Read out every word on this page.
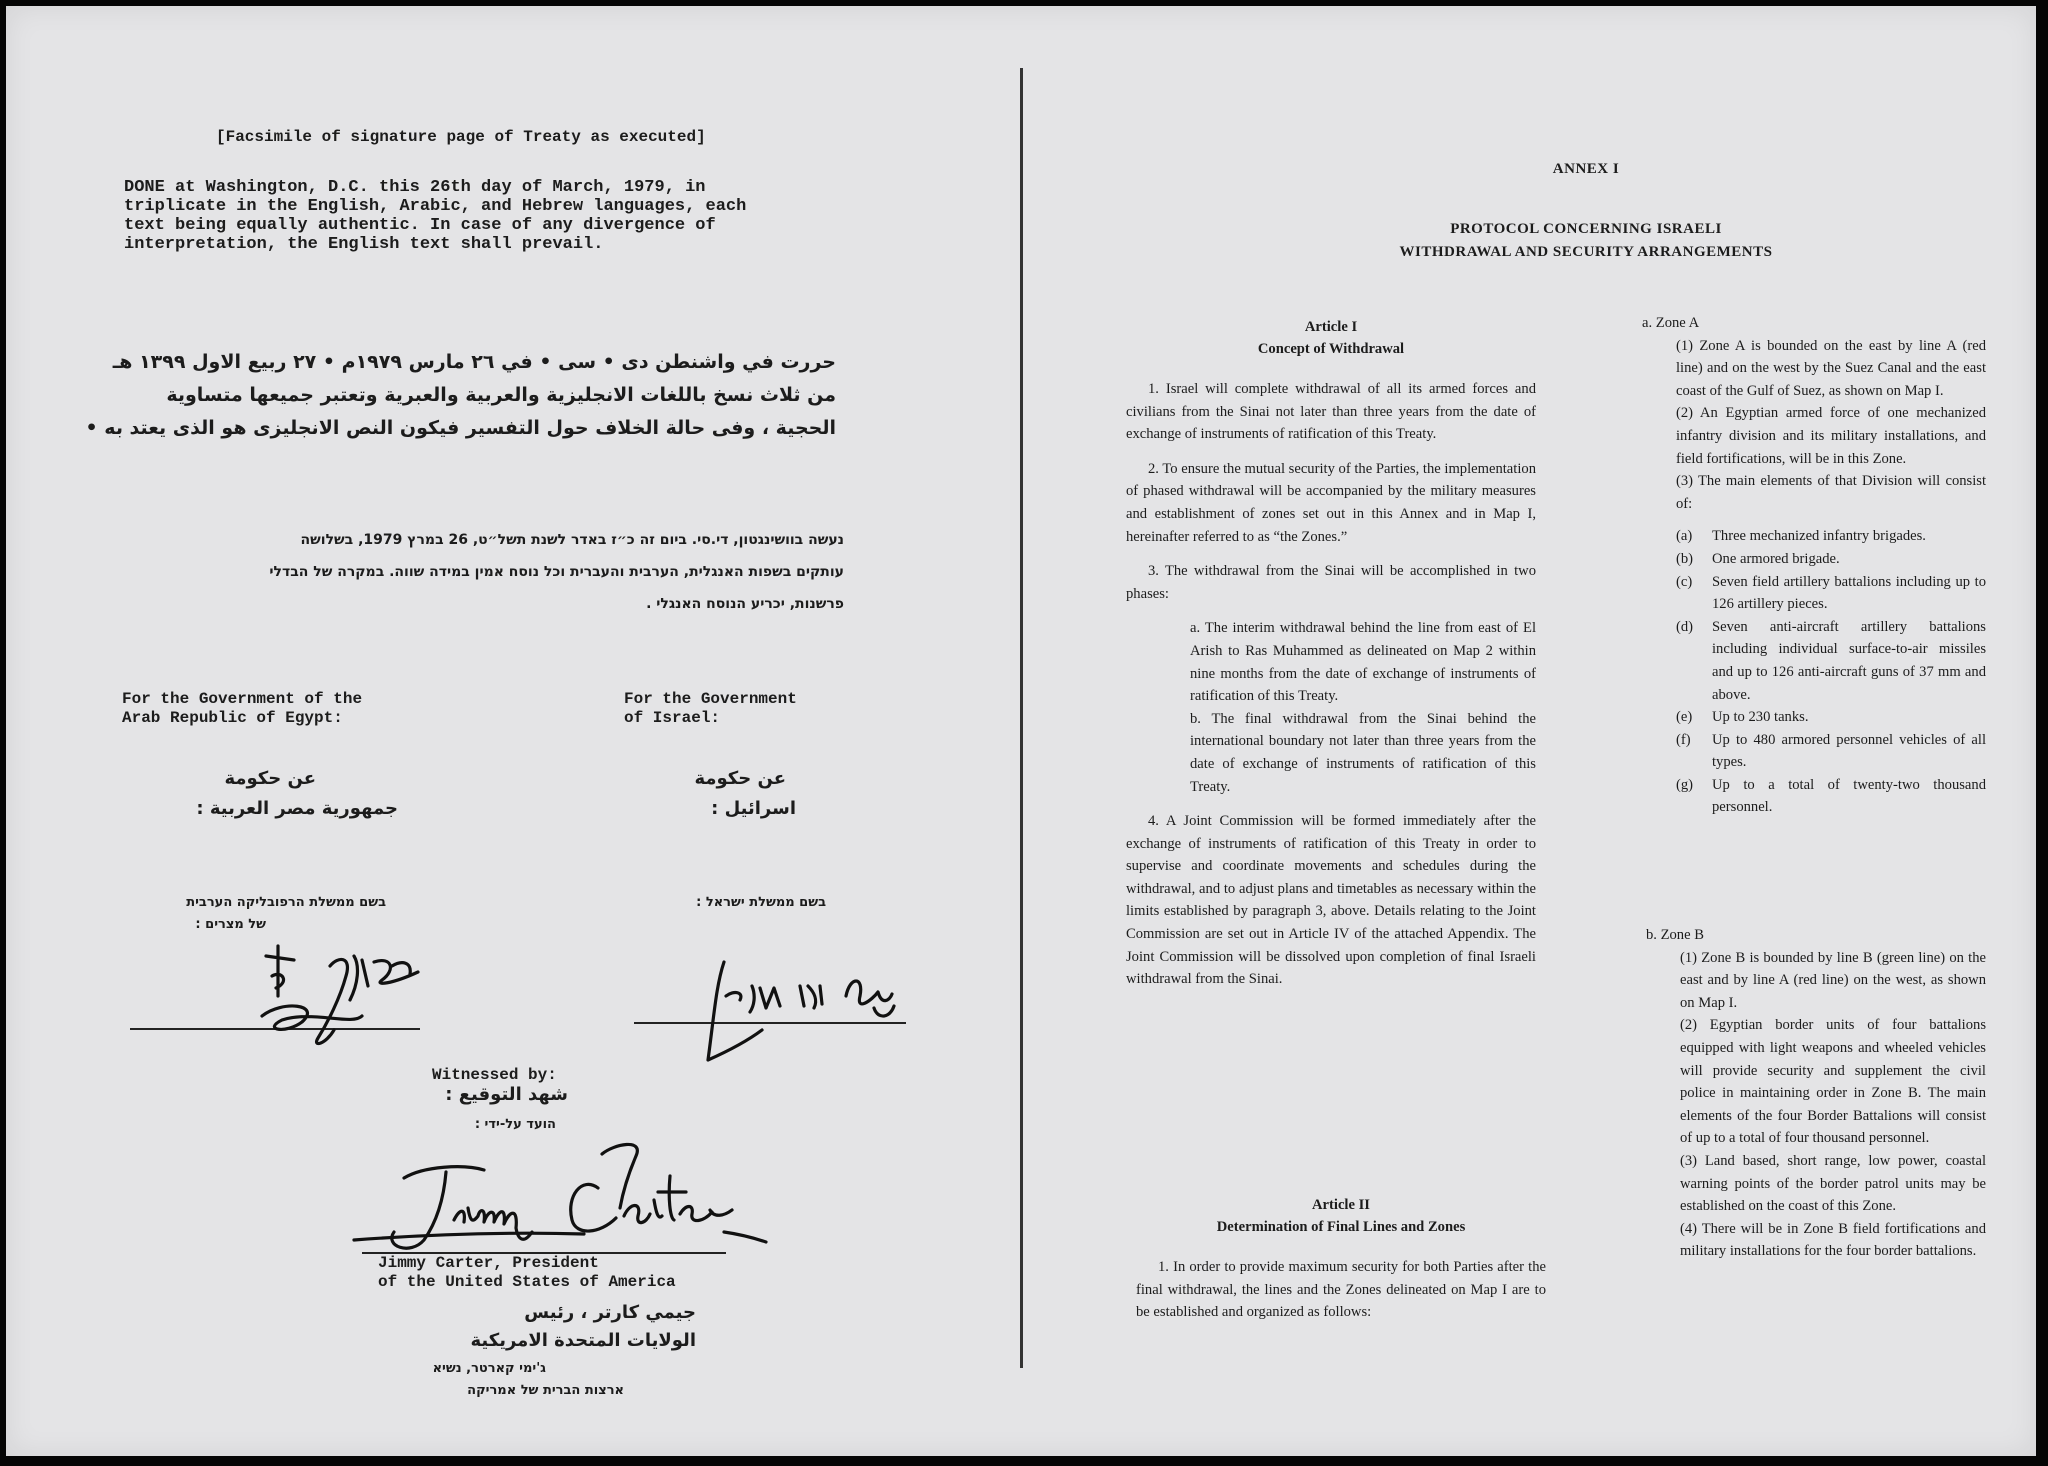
[Facsimile of signature page of Treaty as executed]
DONE at Washington, D.C. this 26th day of March, 1979, in
triplicate in the English, Arabic, and Hebrew languages, each
text being equally authentic. In case of any divergence of
interpretation, the English text shall prevail.
حررت في واشنطن دى • سى • في ٢٦ مارس ١٩٧٩م • ٢٧ ربيع الاول ١٣٩٩ هـ
من ثلاث نسخ باللغات الانجليزية والعربية والعبرية وتعتبر جميعها متساوية
الحجية ، وفى حالة الخلاف حول التفسير فيكون النص الانجليزى هو الذى يعتد به •
נעשה בוושינגטון, די.סי. ביום זה כ״ז באדר לשנת תשל״ט, 26 במרץ 1979, בשלושה
עותקים בשפות האנגלית, הערבית והעברית וכל נוסח אמין במידה שווה. במקרה של הבדלי
פרשנות, יכריע הנוסח האנגלי .
For the Government of the
Arab Republic of Egypt:
عن حكومة
جمهورية مصر العربية :
בשם ממשלת הרפובליקה הערבית
של מצרים :
For the Government
of Israel:
عن حكومة
اسرائيل :
בשם ממשלת ישראל :
Witnessed by:
شهد التوقيع :
הועד על-ידי :
Jimmy Carter, President
of the United States of America
جيمي كارتر ، رئيس
الولايات المتحدة الامريكية
ג'ימי קארטר, נשיא
ארצות הברית של אמריקה
ANNEX I
PROTOCOL CONCERNING ISRAELI
WITHDRAWAL AND SECURITY ARRANGEMENTS
Article I
Concept of Withdrawal

1. Israel will complete withdrawal of all its armed forces and civilians from the Sinai not later than three years from the date of exchange of instruments of ratification of this Treaty.

2. To ensure the mutual security of the Parties, the implementation of phased withdrawal will be accompanied by the military measures and establishment of zones set out in this Annex and in Map I, hereinafter referred to as “the Zones.”

3. The withdrawal from the Sinai will be accomplished in two phases:

a. The interim withdrawal behind the line from east of El Arish to Ras Muhammed as delineated on Map 2 within nine months from the date of exchange of instruments of ratification of this Treaty.

b. The final withdrawal from the Sinai behind the international boundary not later than three years from the date of exchange of instruments of ratification of this Treaty.

4. A Joint Commission will be formed immediately after the exchange of instruments of ratification of this Treaty in order to supervise and coordinate movements and schedules during the withdrawal, and to adjust plans and timetables as necessary within the limits established by paragraph 3, above. Details relating to the Joint Commission are set out in Article IV of the attached Appendix. The Joint Commission will be dissolved upon completion of final Israeli withdrawal from the Sinai.

Article II
Determination of Final Lines and Zones

1. In order to provide maximum security for both Parties after the final withdrawal, the lines and the Zones delineated on Map I are to be established and organized as follows:

a. Zone A

(1) Zone A is bounded on the east by line A (red line) and on the west by the Suez Canal and the east coast of the Gulf of Suez, as shown on Map I.

(2) An Egyptian armed force of one mechanized infantry division and its military installations, and field fortifications, will be in this Zone.

(3) The main elements of that Division will consist of:

(a)	Three mechanized infantry brigades.
(b)	One armored brigade.
(c)	Seven field artillery battalions including up to 126 artillery pieces.
(d)	Seven anti-aircraft artillery battalions including individual surface-to-air missiles and up to 126 anti-aircraft guns of 37 mm and above.
(e)	Up to 230 tanks.
(f)	Up to 480 armored personnel vehicles of all types.
(g)	Up to a total of twenty-two thousand personnel.

b. Zone B

(1) Zone B is bounded by line B (green line) on the east and by line A (red line) on the west, as shown on Map I.

(2) Egyptian border units of four battalions equipped with light weapons and wheeled vehicles will provide security and supplement the civil police in maintaining order in Zone B. The main elements of the four Border Battalions will consist of up to a total of four thousand personnel.

(3) Land based, short range, low power, coastal warning points of the border patrol units may be established on the coast of this Zone.

(4) There will be in Zone B field fortifications and military installations for the four border battalions.
